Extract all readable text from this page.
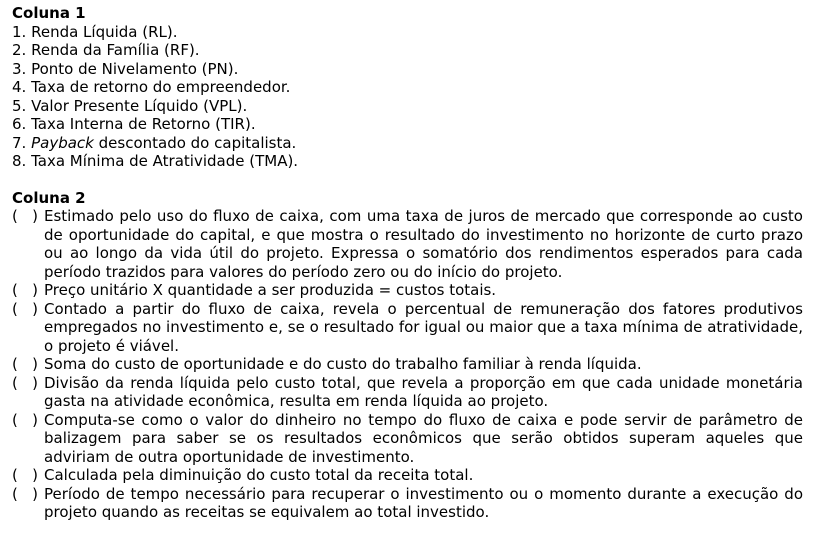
Coluna 1
1. Renda Líquida (RL).
2. Renda da Família (RF).
3. Ponto de Nivelamento (PN).
4. Taxa de retorno do empreendedor.
5. Valor Presente Líquido (VPL).
6. Taxa Interna de Retorno (TIR).
7. Payback descontado do capitalista.
8. Taxa Mínima de Atratividade (TMA).
Coluna 2
(   ) Estimado pelo uso do fluxo de caixa, com uma taxa de juros de mercado que corresponde ao custo de oportunidade do capital, e que mostra o resultado do investimento no horizonte de curto prazo ou ao longo da vida útil do projeto. Expressa o somatório dos rendimentos esperados para cada período trazidos para valores do período zero ou do início do projeto.
(   ) Preço unitário X quantidade a ser produzida = custos totais.
(   ) Contado a partir do fluxo de caixa, revela o percentual de remuneração dos fatores produtivos empregados no investimento e, se o resultado for igual ou maior que a taxa mínima de atratividade, o projeto é viável.
(   ) Soma do custo de oportunidade e do custo do trabalho familiar à renda líquida.
(   ) Divisão da renda líquida pelo custo total, que revela a proporção em que cada unidade monetária gasta na atividade econômica, resulta em renda líquida ao projeto.
(   ) Computa-se como o valor do dinheiro no tempo do fluxo de caixa e pode servir de parâmetro de balizagem para saber se os resultados econômicos que serão obtidos superam aqueles que adviriam de outra oportunidade de investimento.
(   ) Calculada pela diminuição do custo total da receita total.
(   ) Período de tempo necessário para recuperar o investimento ou o momento durante a execução do projeto quando as receitas se equivalem ao total investido.
